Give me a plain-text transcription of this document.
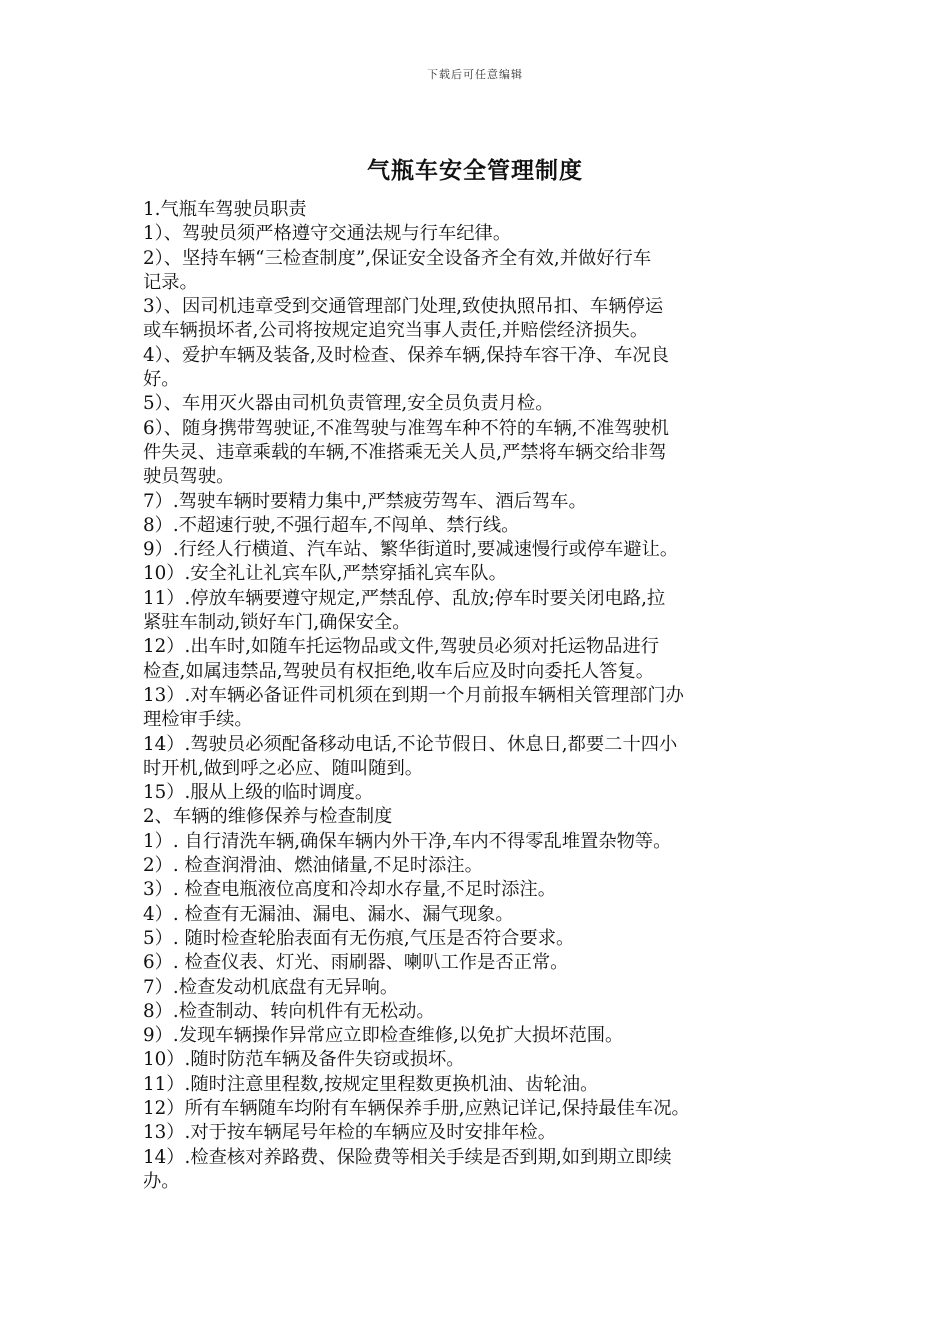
下载后可任意编辑
气瓶车安全管理制度
1.气瓶车驾驶员职责
1）、驾驶员须严格遵守交通法规与行车纪律。
2）、坚持车辆“三检查制度”,保证安全设备齐全有效,并做好行车
记录。
3）、因司机违章受到交通管理部门处理,致使执照吊扣、车辆停运
或车辆损坏者,公司将按规定追究当事人责任,并赔偿经济损失。
4）、爱护车辆及装备,及时检查、保养车辆,保持车容干净、车况良
好。
5）、车用灭火器由司机负责管理,安全员负责月检。
6）、随身携带驾驶证,不准驾驶与准驾车种不符的车辆,不准驾驶机
件失灵、违章乘载的车辆,不准搭乘无关人员,严禁将车辆交给非驾
驶员驾驶。
7）.驾驶车辆时要精力集中,严禁疲劳驾车、酒后驾车。
8）.不超速行驶,不强行超车,不闯单、禁行线。
9）.行经人行横道、汽车站、繁华街道时,要减速慢行或停车避让。
10）.安全礼让礼宾车队,严禁穿插礼宾车队。
11）.停放车辆要遵守规定,严禁乱停、乱放;停车时要关闭电路,拉
紧驻车制动,锁好车门,确保安全。
12）.出车时,如随车托运物品或文件,驾驶员必须对托运物品进行
检查,如属违禁品,驾驶员有权拒绝,收车后应及时向委托人答复。
13）.对车辆必备证件司机须在到期一个月前报车辆相关管理部门办
理检审手续。
14）.驾驶员必须配备移动电话,不论节假日、休息日,都要二十四小
时开机,做到呼之必应、随叫随到。
15）.服从上级的临时调度。
2、车辆的维修保养与检查制度
1）. 自行清洗车辆,确保车辆内外干净,车内不得零乱堆置杂物等。
2）. 检查润滑油、燃油储量,不足时添注。
3）. 检查电瓶液位高度和冷却水存量,不足时添注。
4）. 检查有无漏油、漏电、漏水、漏气现象。
5）. 随时检查轮胎表面有无伤痕,气压是否符合要求。
6）. 检查仪表、灯光、雨刷器、喇叭工作是否正常。
7）.检查发动机底盘有无异响。
8）.检查制动、转向机件有无松动。
9）.发现车辆操作异常应立即检查维修,以免扩大损坏范围。
10）.随时防范车辆及备件失窃或损坏。
11）.随时注意里程数,按规定里程数更换机油、齿轮油。
12）所有车辆随车均附有车辆保养手册,应熟记详记,保持最佳车况。
13）.对于按车辆尾号年检的车辆应及时安排年检。
14）.检查核对养路费、保险费等相关手续是否到期,如到期立即续
办。
